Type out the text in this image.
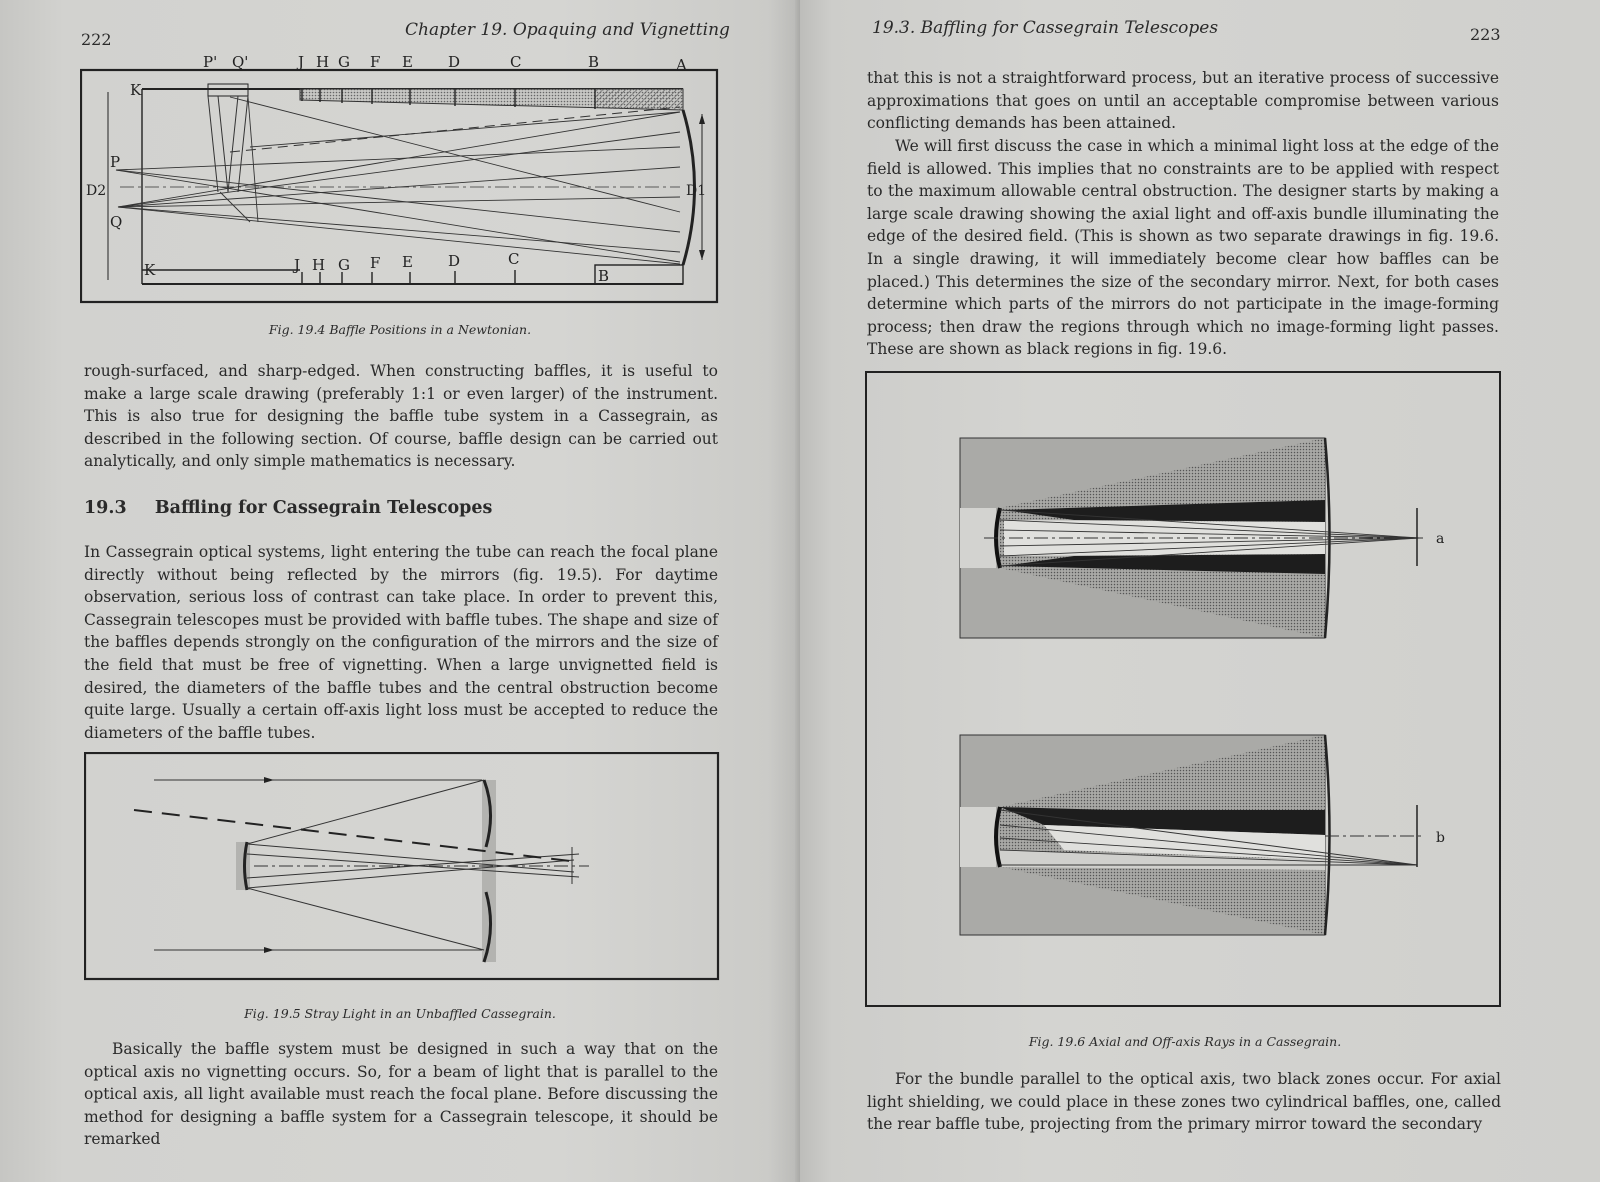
222	Chapter 19. Opaquing and Vignetting
P' Q'	J H G F E D	C	B	A
K	J H G F E D	C
B
K
P
D2
Q
D1
Fig. 19.4 Baffle Positions in a Newtonian.

rough-surfaced, and sharp-edged. When constructing baffles, it is useful to make a large scale drawing (preferably 1:1 or even larger) of the instrument. This is also true for designing the baffle tube system in a Cassegrain, as described in the following section. Of course, baffle design can be carried out analytically, and only simple mathematics is necessary.

19.3 Baffling for Cassegrain Telescopes

In Cassegrain optical systems, light entering the tube can reach the focal plane directly without being reflected by the mirrors (fig. 19.5). For daytime observation, serious loss of contrast can take place. In order to prevent this, Cassegrain telescopes must be provided with baffle tubes. The shape and size of the baffles depends strongly on the configuration of the mirrors and the size of the field that must be free of vignetting. When a large unvignetted field is desired, the diameters of the baffle tubes and the central obstruction become quite large. Usually a certain off-axis light loss must be accepted to reduce the diameters of the baffle tubes.

Fig. 19.5 Stray Light in an Unbaffled Cassegrain.

Basically the baffle system must be designed in such a way that on the optical axis no vignetting occurs. So, for a beam of light that is parallel to the optical axis, all light available must reach the focal plane. Before discussing the method for designing a baffle system for a Cassegrain telescope, it should be remarked

19.3. Baffling for Cassegrain Telescopes	223

that this is not a straightforward process, but an iterative process of successive approximations that goes on until an acceptable compromise between various conflicting demands has been attained.

We will first discuss the case in which a minimal light loss at the edge of the field is allowed. This implies that no constraints are to be applied with respect to the maximum allowable central obstruction. The designer starts by making a large scale drawing showing the axial light and off-axis bundle illuminating the edge of the desired field. (This is shown as two separate drawings in fig. 19.6. In a single drawing, it will immediately become clear how baffles can be placed.) This determines the size of the secondary mirror. Next, for both cases determine which parts of the mirrors do not participate in the image-forming process; then draw the regions through which no image-forming light passes. These are shown as black regions in fig. 19.6.

a
b
Fig. 19.6 Axial and Off-axis Rays in a Cassegrain.

For the bundle parallel to the optical axis, two black zones occur. For axial light shielding, we could place in these zones two cylindrical baffles, one, called the rear baffle tube, projecting from the primary mirror toward the secondary
